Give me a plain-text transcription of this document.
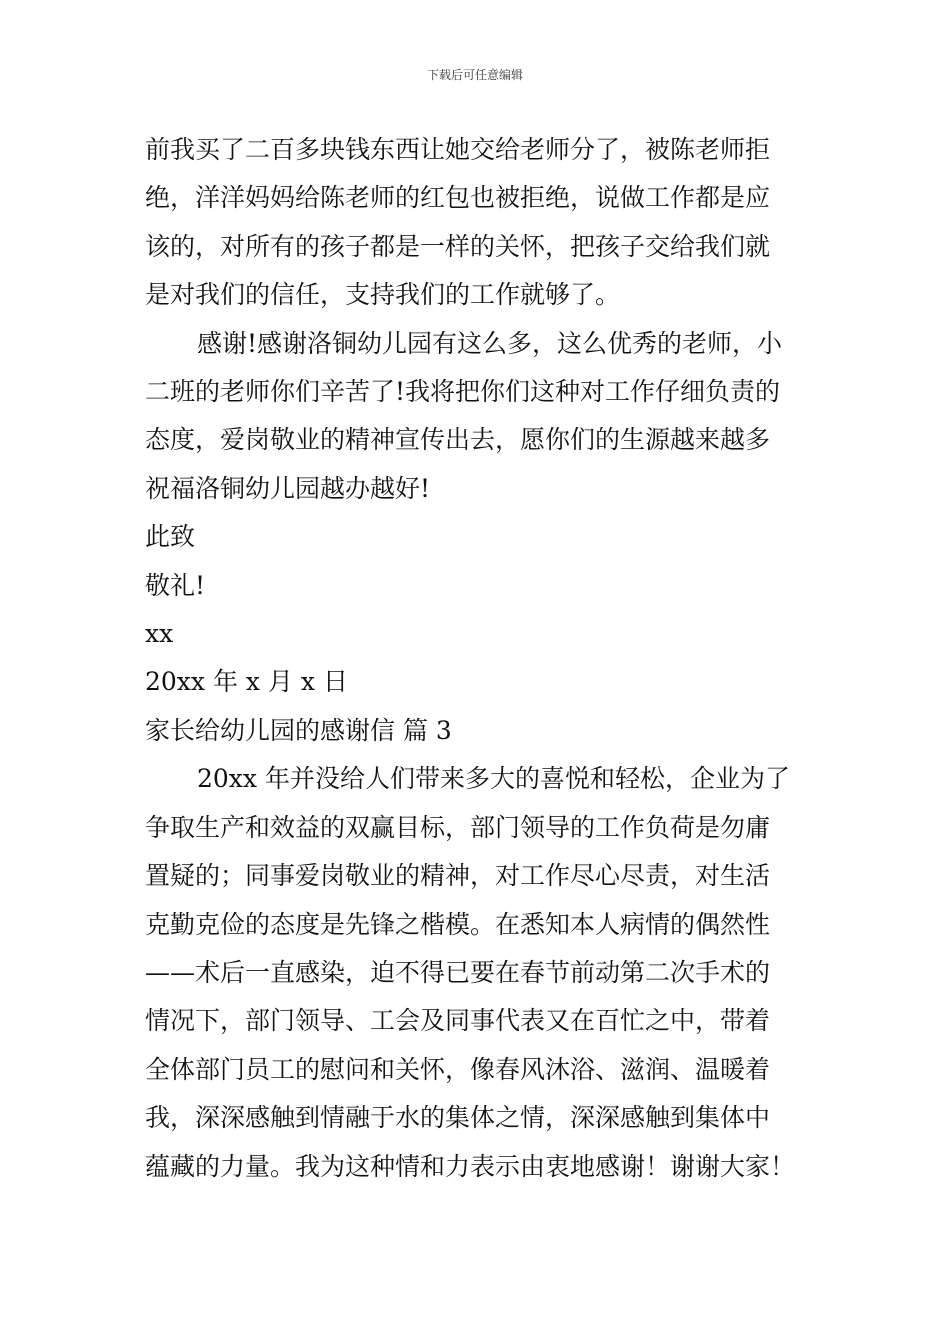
下载后可任意编辑

前我买了二百多块钱东西让她交给老师分了，被陈老师拒
绝，洋洋妈妈给陈老师的红包也被拒绝，说做工作都是应
该的，对所有的孩子都是一样的关怀，把孩子交给我们就
是对我们的信任，支持我们的工作就够了。

感谢!感谢洛铜幼儿园有这么多，这么优秀的老师，小
二班的老师你们辛苦了!我将把你们这种对工作仔细负责的
态度，爱岗敬业的精神宣传出去，愿你们的生源越来越多
祝福洛铜幼儿园越办越好!

此致

敬礼!

xx

20xx 年 x 月 x 日

家长给幼儿园的感谢信 篇 3

20xx 年并没给人们带来多大的喜悦和轻松，企业为了
争取生产和效益的双赢目标，部门领导的工作负荷是勿庸
置疑的；同事爱岗敬业的精神，对工作尽心尽责，对生活
克勤克俭的态度是先锋之楷模。在悉知本人病情的偶然性
——术后一直感染，迫不得已要在春节前动第二次手术的
情况下，部门领导、工会及同事代表又在百忙之中，带着
全体部门员工的慰问和关怀，像春风沐浴、滋润、温暖着
我，深深感触到情融于水的集体之情，深深感触到集体中
蕴藏的力量。我为这种情和力表示由衷地感谢！谢谢大家！
